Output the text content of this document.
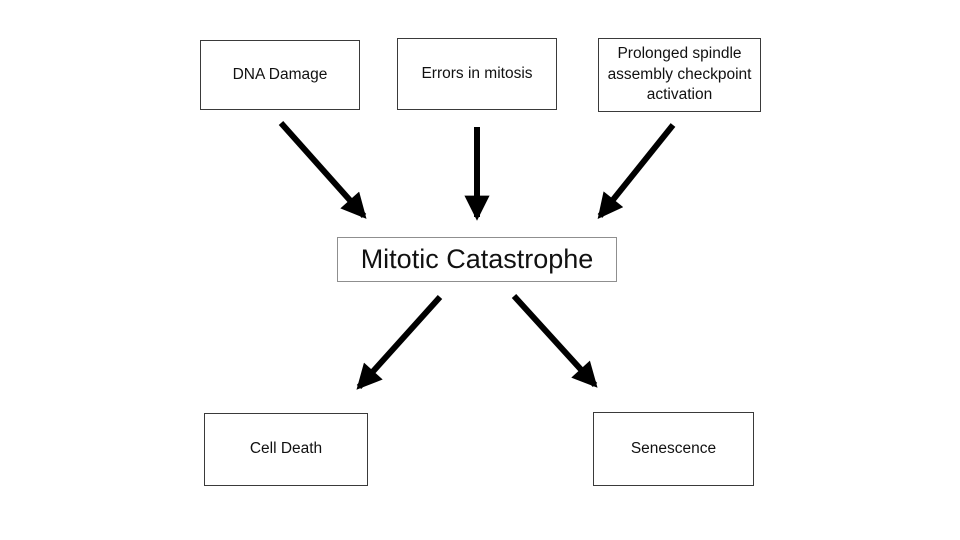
DNA Damage	Errors in mitosis
Prolonged spindle assembly checkpoint activation
Mitotic Catastrophe
Cell Death	Senescence
